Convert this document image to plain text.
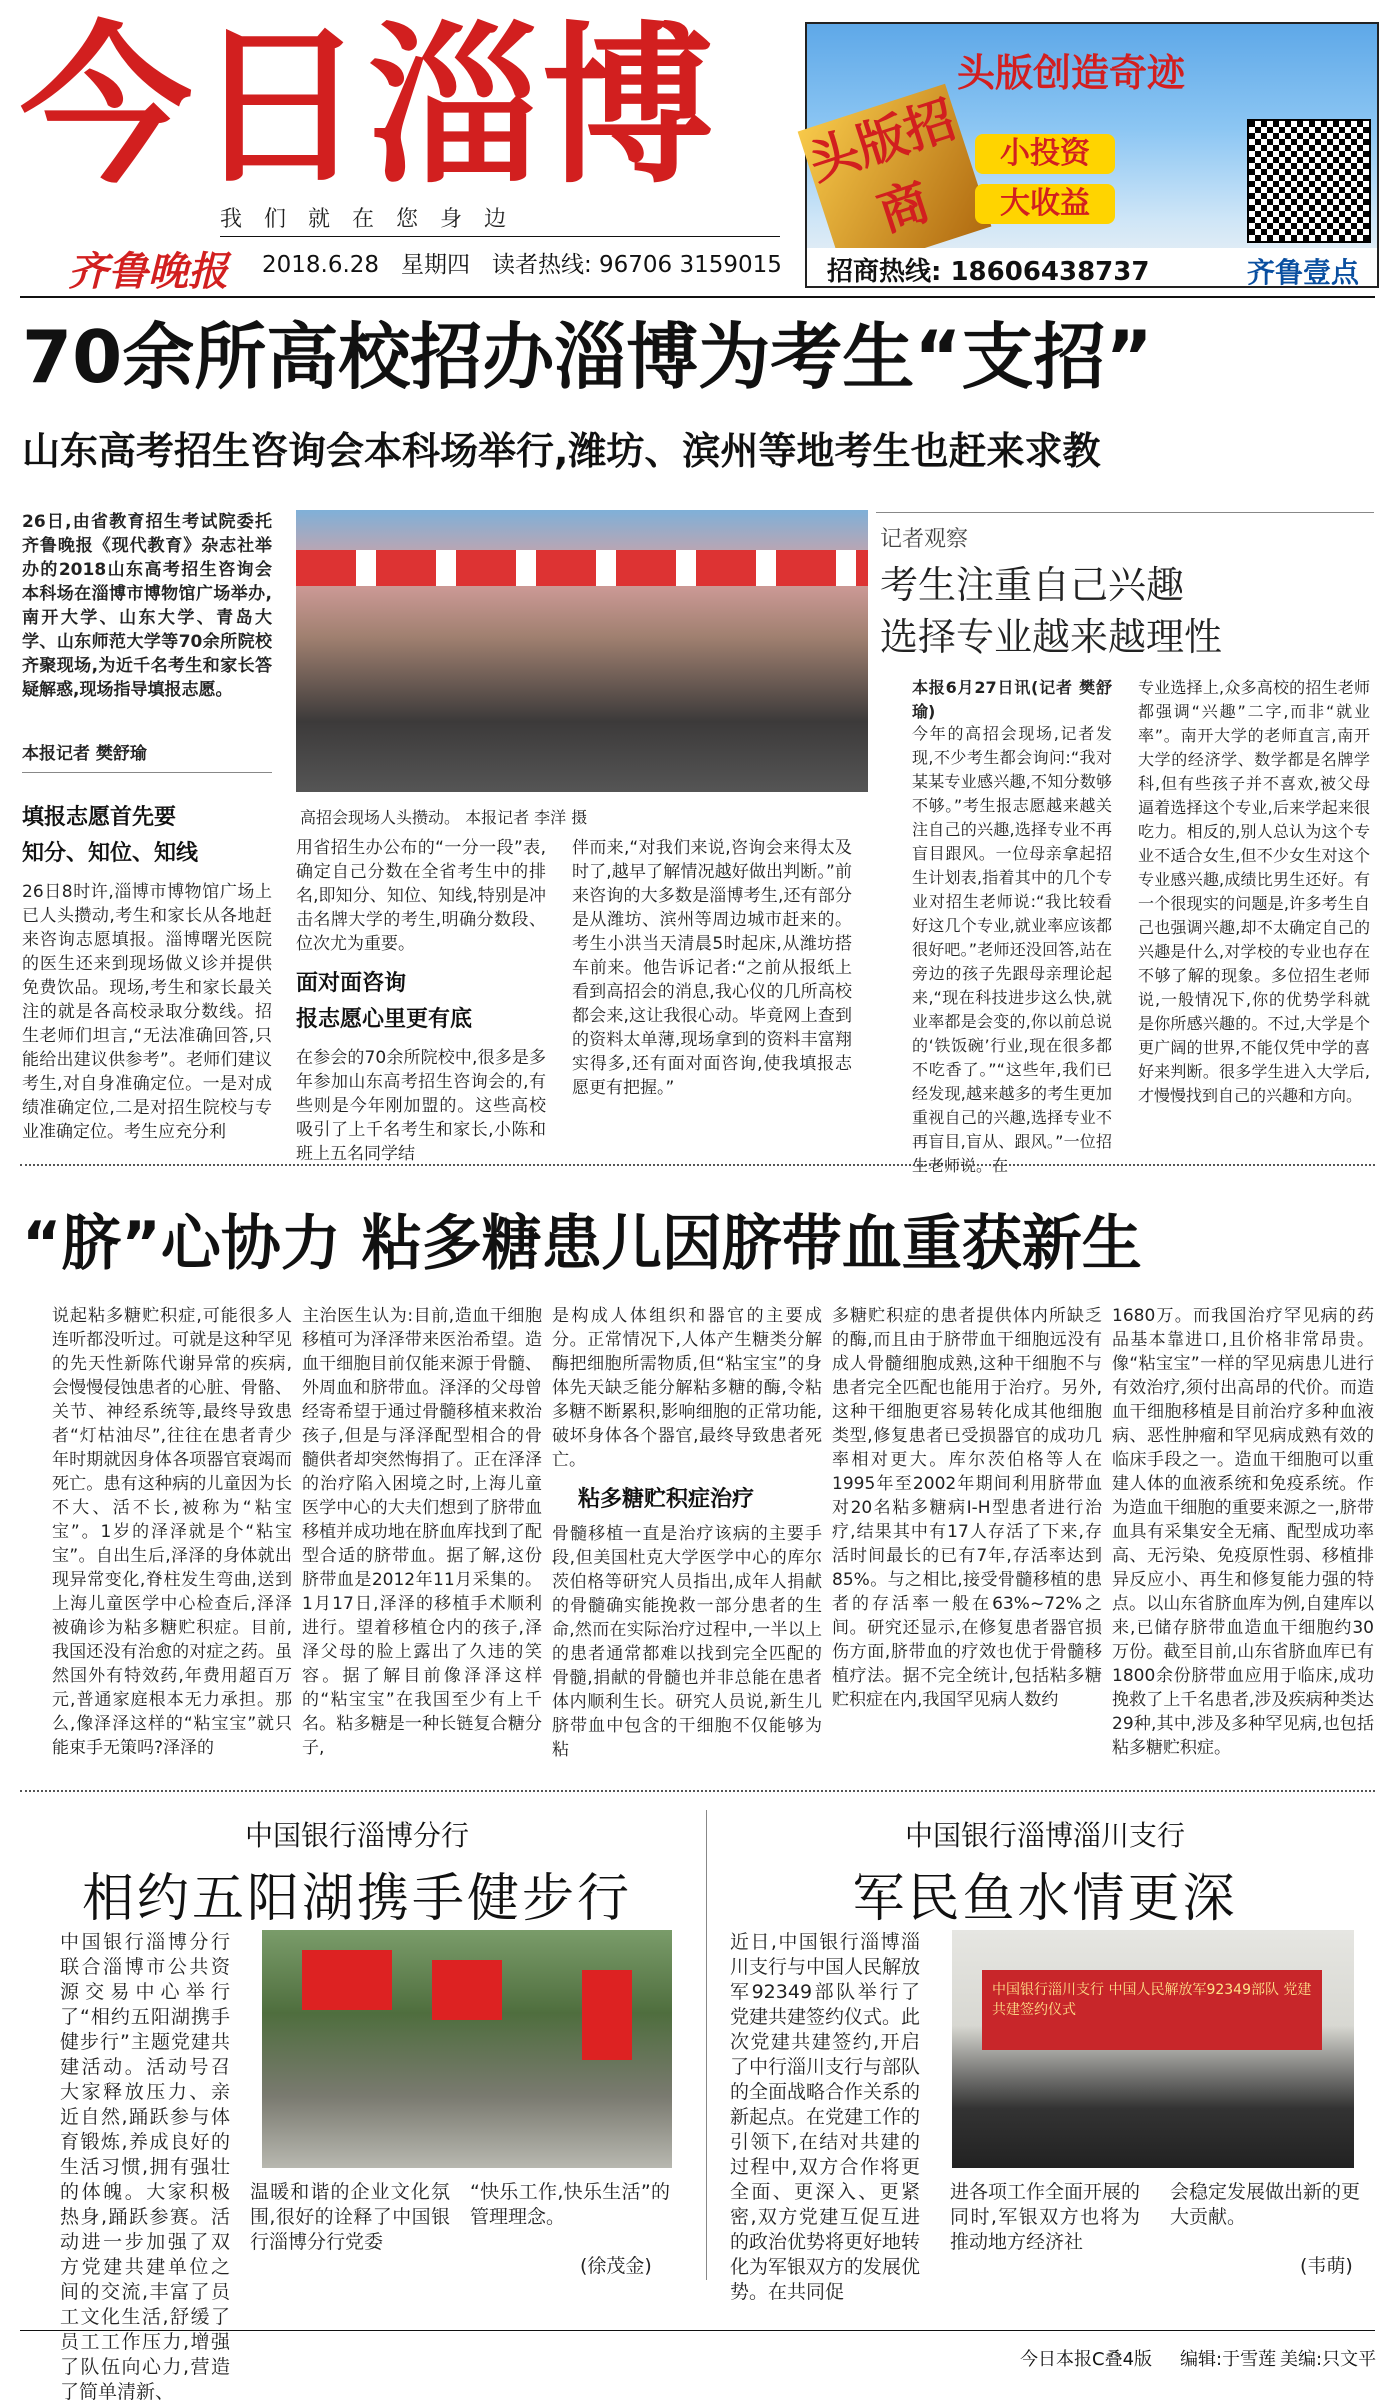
今日淄博
我们就在您身边
齐鲁晚报 2018.6.28 星期四 读者热线: 96706 3159015
头版招商
头版创造奇迹
小投资
大收益
招商热线: 18606438737	齐鲁壹点
70余所高校招办淄博为考生“支招”
山东高考招生咨询会本科场举行,潍坊、滨州等地考生也赶来求教
26日,由省教育招生考试院委托齐鲁晚报《现代教育》杂志社举办的2018山东高考招生咨询会本科场在淄博市博物馆广场举办,南开大学、山东大学、青岛大学、山东师范大学等70余所院校齐聚现场,为近千名考生和家长答疑解惑,现场指导填报志愿。
本报记者 樊舒瑜
高招会现场人头攒动。 本报记者 李洋 摄
填报志愿首先要
知分、知位、知线
26日8时许,淄博市博物馆广场上已人头攒动,考生和家长从各地赶来咨询志愿填报。淄博曙光医院的医生还来到现场做义诊并提供免费饮品。现场,考生和家长最关注的就是各高校录取分数线。招生老师们坦言,“无法准确回答,只能给出建议供参考”。老师们建议考生,对自身准确定位。一是对成绩准确定位,二是对招生院校与专业准确定位。考生应充分利
用省招生办公布的“一分一段”表,确定自己分数在全省考生中的排名,即知分、知位、知线,特别是冲击名牌大学的考生,明确分数段、位次尤为重要。
面对面咨询
报志愿心里更有底
在参会的70余所院校中,很多是多年参加山东高考招生咨询会的,有些则是今年刚加盟的。这些高校吸引了上千名考生和家长,小陈和班上五名同学结
伴而来,“对我们来说,咨询会来得太及时了,越早了解情况越好做出判断。”前来咨询的大多数是淄博考生,还有部分是从潍坊、滨州等周边城市赶来的。考生小洪当天清晨5时起床,从潍坊搭车前来。他告诉记者:“之前从报纸上看到高招会的消息,我心仪的几所高校都会来,这让我很心动。毕竟网上查到的资料太单薄,现场拿到的资料丰富翔实得多,还有面对面咨询,使我填报志愿更有把握。”
记者观察
考生注重自己兴趣
选择专业越来越理性
本报6月27日讯(记者 樊舒瑜)
今年的高招会现场,记者发现,不少考生都会询问:“我对某某专业感兴趣,不知分数够不够。”考生报志愿越来越关注自己的兴趣,选择专业不再盲目跟风。一位母亲拿起招生计划表,指着其中的几个专业对招生老师说:“我比较看好这几个专业,就业率应该都很好吧。”老师还没回答,站在旁边的孩子先跟母亲理论起来,“现在科技进步这么快,就业率都是会变的,你以前总说的‘铁饭碗’行业,现在很多都不吃香了。”“这些年,我们已经发现,越来越多的考生更加重视自己的兴趣,选择专业不再盲目,盲从、跟风。”一位招生老师说。在
专业选择上,众多高校的招生老师都强调“兴趣”二字,而非“就业率”。南开大学的老师直言,南开大学的经济学、数学都是名牌学科,但有些孩子并不喜欢,被父母逼着选择这个专业,后来学起来很吃力。相反的,别人总认为这个专业不适合女生,但不少女生对这个专业感兴趣,成绩比男生还好。有一个很现实的问题是,许多考生自己也强调兴趣,却不太确定自己的兴趣是什么,对学校的专业也存在不够了解的现象。多位招生老师说,一般情况下,你的优势学科就是你所感兴趣的。不过,大学是个更广阔的世界,不能仅凭中学的喜好来判断。很多学生进入大学后,才慢慢找到自己的兴趣和方向。
“脐”心协力 粘多糖患儿因脐带血重获新生
说起粘多糖贮积症,可能很多人连听都没听过。可就是这种罕见的先天性新陈代谢异常的疾病,会慢慢侵蚀患者的心脏、骨骼、关节、神经系统等,最终导致患者“灯枯油尽”,往往在患者青少年时期就因身体各项器官衰竭而死亡。患有这种病的儿童因为长不大、活不长,被称为“粘宝宝”。1岁的泽泽就是个“粘宝宝”。自出生后,泽泽的身体就出现异常变化,脊柱发生弯曲,送到上海儿童医学中心检查后,泽泽被确诊为粘多糖贮积症。目前,我国还没有治愈的对症之药。虽然国外有特效药,年费用超百万元,普通家庭根本无力承担。那么,像泽泽这样的“粘宝宝”就只能束手无策吗?泽泽的
主治医生认为:目前,造血干细胞移植可为泽泽带来医治希望。造血干细胞目前仅能来源于骨髓、外周血和脐带血。泽泽的父母曾经寄希望于通过骨髓移植来救治孩子,但是与泽泽配型相合的骨髓供者却突然悔捐了。正在泽泽的治疗陷入困境之时,上海儿童医学中心的大夫们想到了脐带血移植并成功地在脐血库找到了配型合适的脐带血。据了解,这份脐带血是2012年11月采集的。1月17日,泽泽的移植手术顺利进行。望着移植仓内的孩子,泽泽父母的脸上露出了久违的笑容。据了解目前像泽泽这样的“粘宝宝”在我国至少有上千名。粘多糖是一种长链复合糖分子,
是构成人体组织和器官的主要成分。正常情况下,人体产生糖类分解酶把细胞所需物质,但“粘宝宝”的身体先天缺乏能分解粘多糖的酶,令粘多糖不断累积,影响细胞的正常功能,破坏身体各个器官,最终导致患者死亡。
粘多糖贮积症治疗
骨髓移植一直是治疗该病的主要手段,但美国杜克大学医学中心的库尔茨伯格等研究人员指出,成年人捐献的骨髓确实能挽救一部分患者的生命,然而在实际治疗过程中,一半以上的患者通常都难以找到完全匹配的骨髓,捐献的骨髓也并非总能在患者体内顺利生长。研究人员说,新生儿脐带血中包含的干细胞不仅能够为粘
多糖贮积症的患者提供体内所缺乏的酶,而且由于脐带血干细胞远没有成人骨髓细胞成熟,这种干细胞不与患者完全匹配也能用于治疗。另外,这种干细胞更容易转化成其他细胞类型,修复患者已受损器官的成功几率相对更大。库尔茨伯格等人在1995年至2002年期间利用脐带血对20名粘多糖病I-H型患者进行治疗,结果其中有17人存活了下来,存活时间最长的已有7年,存活率达到85%。与之相比,接受骨髓移植的患者的存活率一般在63%~72%之间。研究还显示,在修复患者器官损伤方面,脐带血的疗效也优于骨髓移植疗法。据不完全统计,包括粘多糖贮积症在内,我国罕见病人数约
1680万。而我国治疗罕见病的药品基本靠进口,且价格非常昂贵。像“粘宝宝”一样的罕见病患儿进行有效治疗,须付出高昂的代价。而造血干细胞移植是目前治疗多种血液病、恶性肿瘤和罕见病成熟有效的临床手段之一。造血干细胞可以重建人体的血液系统和免疫系统。作为造血干细胞的重要来源之一,脐带血具有采集安全无痛、配型成功率高、无污染、免疫原性弱、移植排异反应小、再生和修复能力强的特点。以山东省脐血库为例,自建库以来,已储存脐带血造血干细胞约30万份。截至目前,山东省脐血库已有1800余份脐带血应用于临床,成功挽救了上千名患者,涉及疾病种类达29种,其中,涉及多种罕见病,也包括粘多糖贮积症。
中国银行淄博分行
相约五阳湖携手健步行
中国银行淄博分行联合淄博市公共资源交易中心举行了“相约五阳湖携手健步行”主题党建共建活动。活动号召大家释放压力、亲近自然,踊跃参与体育锻炼,养成良好的生活习惯,拥有强壮的体魄。大家积极热身,踊跃参赛。活动进一步加强了双方党建共建单位之间的交流,丰富了员工文化生活,舒缓了员工工作压力,增强了队伍向心力,营造了简单清新、
温暖和谐的企业文化氛围,很好的诠释了中国银行淄博分行党委
“快乐工作,快乐生活”的管理理念。
(徐茂金)
中国银行淄博淄川支行
军民鱼水情更深
近日,中国银行淄博淄川支行与中国人民解放军92349部队举行了党建共建签约仪式。此次党建共建签约,开启了中行淄川支行与部队的全面战略合作关系的新起点。在党建工作的引领下,在结对共建的过程中,双方合作将更全面、更深入、更紧密,双方党建互促互进的政治优势将更好地转化为军银双方的发展优势。在共同促
中国银行淄川支行 中国人民解放军92349部队 党建共建签约仪式
进各项工作全面开展的同时,军银双方也将为推动地方经济社
会稳定发展做出新的更大贡献。
(韦萌)
今日本报C叠4版 编辑:于雪莲 美编:只文平
